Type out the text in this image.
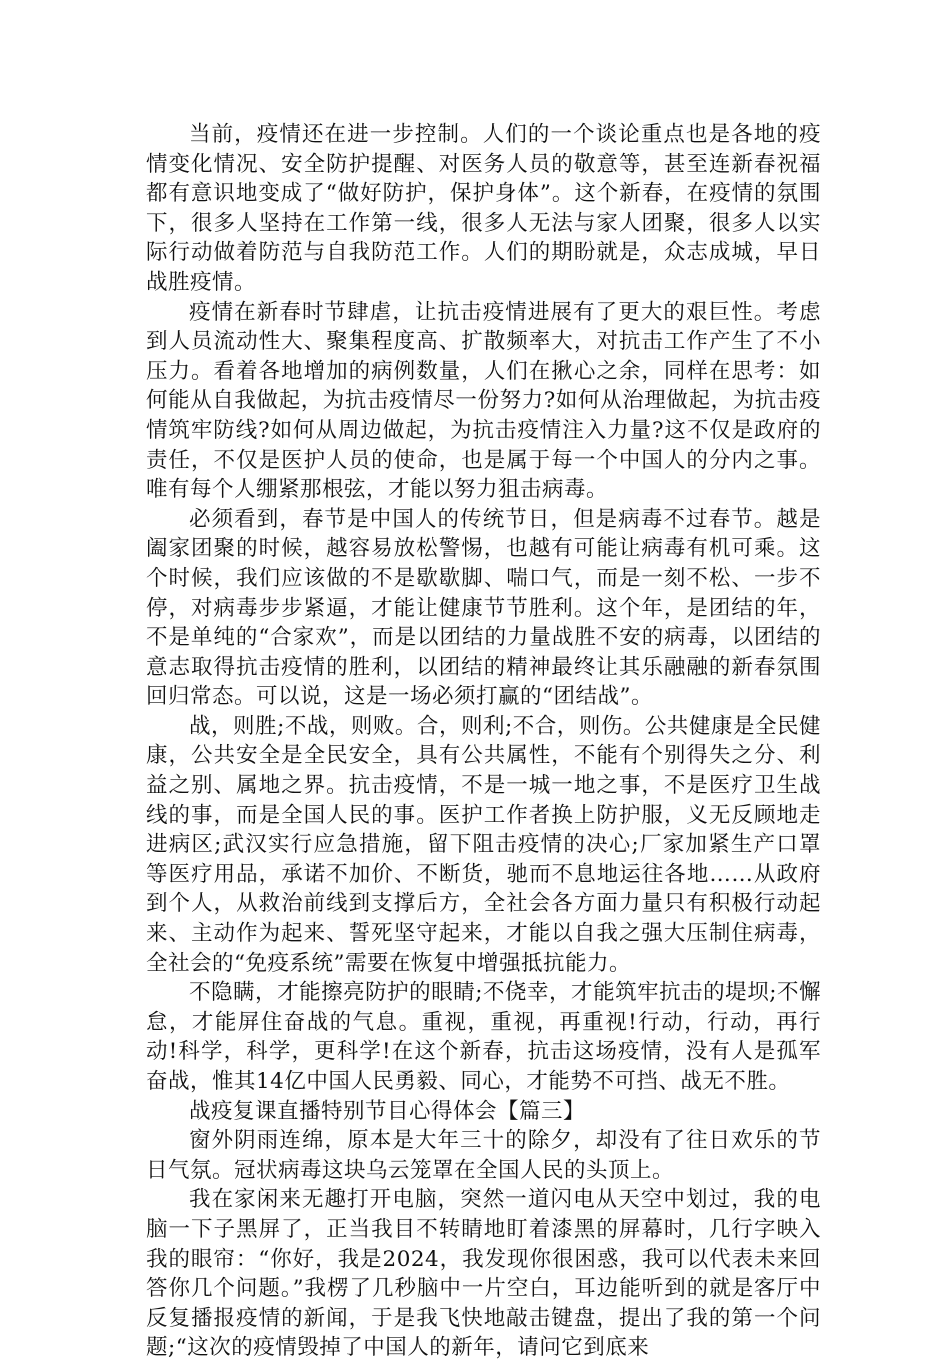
当前，疫情还在进一步控制。人们的一个谈论重点也是各地的疫情变化情况、安全防护提醒、对医务人员的敬意等，甚至连新春祝福都有意识地变成了“做好防护，保护身体”。这个新春，在疫情的氛围下，很多人坚持在工作第一线，很多人无法与家人团聚，很多人以实际行动做着防范与自我防范工作。人们的期盼就是，众志成城，早日战胜疫情。

疫情在新春时节肆虐，让抗击疫情进展有了更大的艰巨性。考虑到人员流动性大、聚集程度高、扩散频率大，对抗击工作产生了不小压力。看着各地增加的病例数量，人们在揪心之余，同样在思考：如何能从自我做起，为抗击疫情尽一份努力?如何从治理做起，为抗击疫情筑牢防线?如何从周边做起，为抗击疫情注入力量?这不仅是政府的责任，不仅是医护人员的使命，也是属于每一个中国人的分内之事。唯有每个人绷紧那根弦，才能以努力狙击病毒。

必须看到，春节是中国人的传统节日，但是病毒不过春节。越是阖家团聚的时候，越容易放松警惕，也越有可能让病毒有机可乘。这个时候，我们应该做的不是歇歇脚、喘口气，而是一刻不松、一步不停，对病毒步步紧逼，才能让健康节节胜利。这个年，是团结的年，不是单纯的“合家欢”，而是以团结的力量战胜不安的病毒，以团结的意志取得抗击疫情的胜利，以团结的精神最终让其乐融融的新春氛围回归常态。可以说，这是一场必须打赢的“团结战”。

战，则胜;不战，则败。合，则利;不合，则伤。公共健康是全民健康，公共安全是全民安全，具有公共属性，不能有个别得失之分、利益之别、属地之界。抗击疫情，不是一城一地之事，不是医疗卫生战线的事，而是全国人民的事。医护工作者换上防护服，义无反顾地走进病区;武汉实行应急措施，留下阻击疫情的决心;厂家加紧生产口罩等医疗用品，承诺不加价、不断货，驰而不息地运往各地……从政府到个人，从救治前线到支撑后方，全社会各方面力量只有积极行动起来、主动作为起来、誓死坚守起来，才能以自我之强大压制住病毒，全社会的“免疫系统”需要在恢复中增强抵抗能力。

不隐瞒，才能擦亮防护的眼睛;不侥幸，才能筑牢抗击的堤坝;不懈怠，才能屏住奋战的气息。重视，重视，再重视!行动，行动，再行动!科学，科学，更科学!在这个新春，抗击这场疫情，没有人是孤军奋战，惟其14亿中国人民勇毅、同心，才能势不可挡、战无不胜。

战疫复课直播特别节目心得体会【篇三】

窗外阴雨连绵，原本是大年三十的除夕，却没有了往日欢乐的节日气氛。冠状病毒这块乌云笼罩在全国人民的头顶上。

我在家闲来无趣打开电脑，突然一道闪电从天空中划过，我的电脑一下子黑屏了，正当我目不转睛地盯着漆黑的屏幕时，几行字映入我的眼帘：“你好，我是2024，我发现你很困惑，我可以代表未来回答你几个问题。”我楞了几秒脑中一片空白，耳边能听到的就是客厅中反复播报疫情的新闻，于是我飞快地敲击键盘，提出了我的第一个问题;“这次的疫情毁掉了中国人的新年，请问它到底来
